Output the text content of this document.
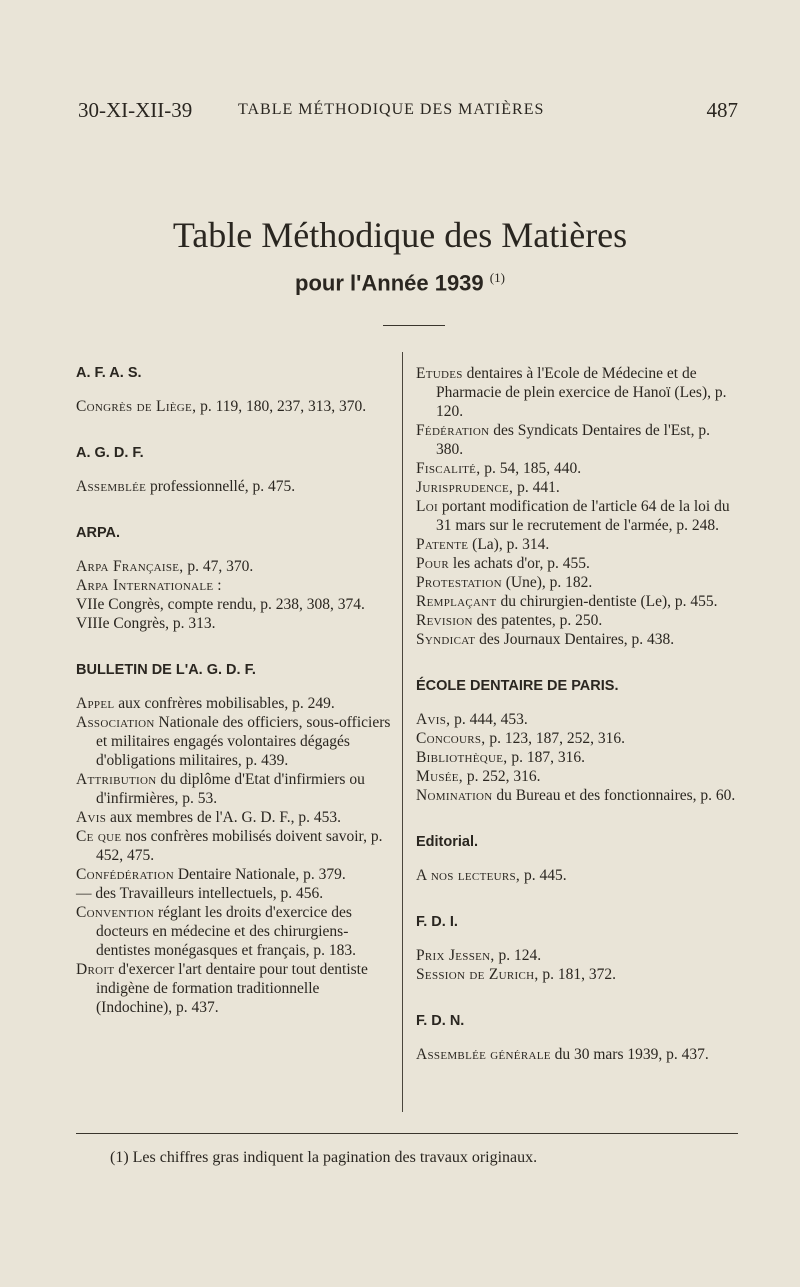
30-XI-XII-39	TABLE MÉTHODIQUE DES MATIÈRES	487
Table Méthodique des Matières
pour l'Année 1939 $^{(1)}$
A. F. A. S.

Congrès de Liège, p. 119, 180, 237, 313, 370.

A. G. D. F.

Assemblée professionnellé, p. 475.

ARPA.

Arpa Française, p. 47, 370.

Arpa Internationale :

VIIe Congrès, compte rendu, p. 238, 308, 374.

VIIIe Congrès, p. 313.

BULLETIN DE L'A. G. D. F.

Appel aux confrères mobilisables, p. 249.

Association Nationale des officiers, sous-officiers et militaires engagés volontaires dégagés d'obligations militaires, p. 439.

Attribution du diplôme d'Etat d'infirmiers ou d'infirmières, p. 53.

Avis aux membres de l'A. G. D. F., p. 453.

Ce que nos confrères mobilisés doivent savoir, p. 452, 475.

Confédération Dentaire Nationale, p. 379.

— des Travailleurs intellectuels, p. 456.

Convention réglant les droits d'exercice des docteurs en médecine et des chirurgiens-dentistes monégasques et français, p. 183.

Droit d'exercer l'art dentaire pour tout dentiste indigène de formation traditionnelle (Indochine), p. 437.

Etudes dentaires à l'Ecole de Médecine et de Pharmacie de plein exercice de Hanoï (Les), p. 120.

Fédération des Syndicats Dentaires de l'Est, p. 380.

Fiscalité, p. 54, 185, 440.

Jurisprudence, p. 441.

Loi portant modification de l'article 64 de la loi du 31 mars sur le recrutement de l'armée, p. 248.

Patente (La), p. 314.

Pour les achats d'or, p. 455.

Protestation (Une), p. 182.

Remplaçant du chirurgien-dentiste (Le), p. 455.

Revision des patentes, p. 250.

Syndicat des Journaux Dentaires, p. 438.

ÉCOLE DENTAIRE DE PARIS.

Avis, p. 444, 453.

Concours, p. 123, 187, 252, 316.

Bibliothèque, p. 187, 316.

Musée, p. 252, 316.

Nomination du Bureau et des fonctionnaires, p. 60.

Editorial.

A nos lecteurs, p. 445.

F. D. I.

Prix Jessen, p. 124.

Session de Zurich, p. 181, 372.

F. D. N.

Assemblée générale du 30 mars 1939, p. 437.

(1) Les chiffres gras indiquent la pagination des travaux originaux.
